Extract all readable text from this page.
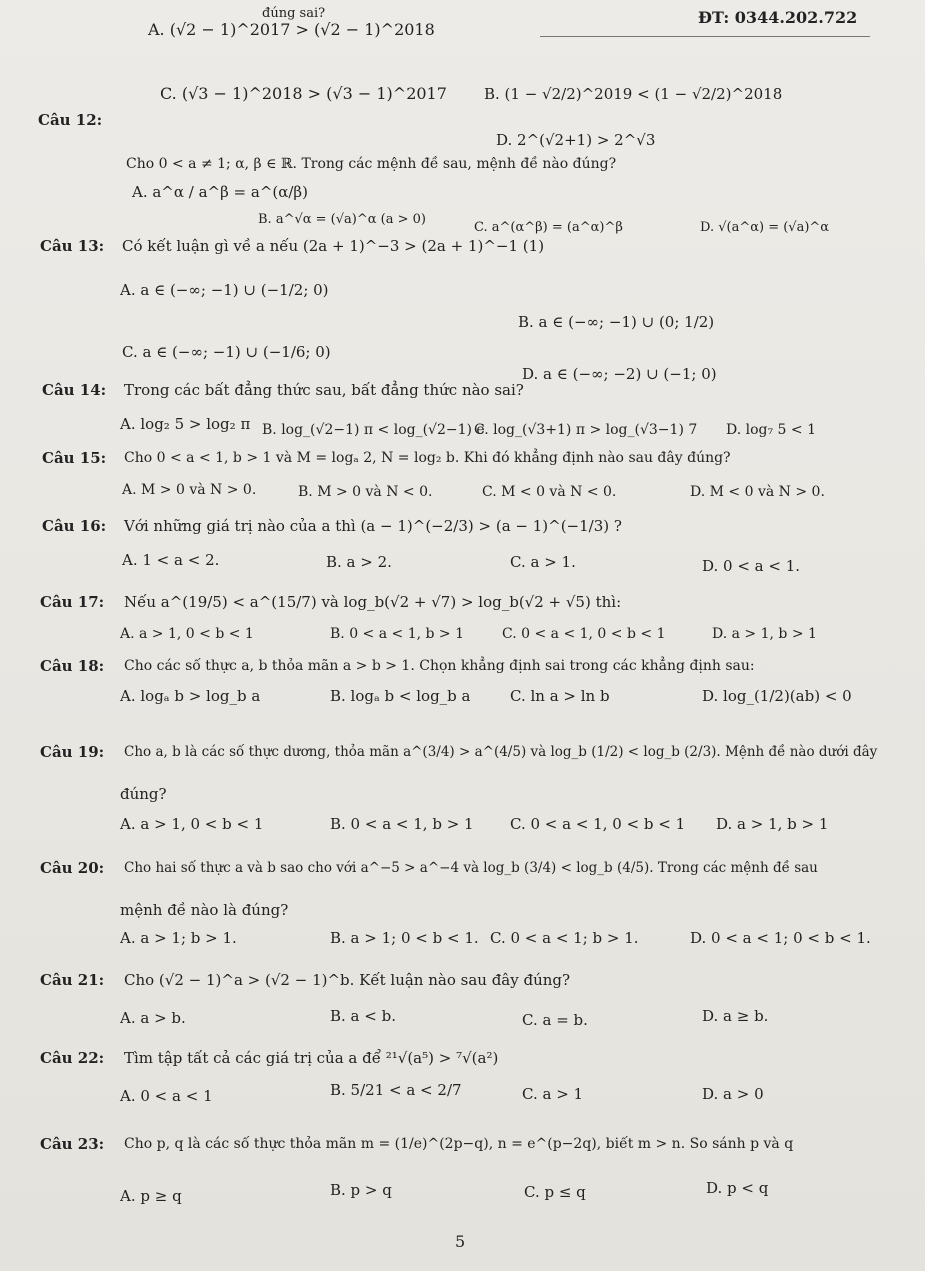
đúng sai?	ĐT: 0344.202.722
A. (√2 − 1)^2017 > (√2 − 1)^2018
C. (√3 − 1)^2018 > (√3 − 1)^2017 B. (1 − √2/2)^2019 < (1 − √2/2)^2018
D. 2^(√2+1) > 2^√3
Câu 12:
Cho 0 < a ≠ 1; α, β ∈ ℝ. Trong các mệnh đề sau, mệnh đề nào đúng?
A. a^α / a^β = a^(α/β)
B. a^√α = (√a)^α (a > 0)
C. a^(α^β) = (a^α)^β	D. √(a^α) = (√a)^α
Câu 13: Có kết luận gì về a nếu (2a + 1)^−3 > (2a + 1)^−1 (1)
A. a ∈ (−∞; −1) ∪ (−1/2; 0)
B. a ∈ (−∞; −1) ∪ (0; 1/2)
C. a ∈ (−∞; −1) ∪ (−1/6; 0)
D. a ∈ (−∞; −2) ∪ (−1; 0)
Câu 14: Trong các bất đẳng thức sau, bất đẳng thức nào sai?
A. log₂ 5 > log₂ π B. log_(√2−1) π < log_(√2−1) e
C. log_(√3+1) π > log_(√3−1) 7 D. log₇ 5 < 1
Câu 15: Cho 0 < a < 1, b > 1 và M = logₐ 2, N = log₂ b. Khi đó khẳng định nào sau đây đúng?
A. M > 0 và N > 0.	B. M > 0 và N < 0.	C. M < 0 và N < 0.	D. M < 0 và N > 0.
Câu 16: Với những giá trị nào của a thì (a − 1)^(−2/3) > (a − 1)^(−1/3) ?
A. 1 < a < 2.	B. a > 2.	C. a > 1.	D. 0 < a < 1.
Câu 17: Nếu a^(19/5) < a^(15/7) và log_b(√2 + √7) > log_b(√2 + √5) thì:
A. a > 1, 0 < b < 1	B. 0 < a < 1, b > 1	C. 0 < a < 1, 0 < b < 1	D. a > 1, b > 1
Câu 18: Cho các số thực a, b thỏa mãn a > b > 1. Chọn khẳng định sai trong các khẳng định sau:
A. logₐ b > log_b a	B. logₐ b < log_b a	C. ln a > ln b	D. log_(1/2)(ab) < 0
Câu 19: Cho a, b là các số thực dương, thỏa mãn a^(3/4) > a^(4/5) và log_b (1/2) < log_b (2/3). Mệnh đề nào dưới đây
đúng?
A. a > 1, 0 < b < 1	B. 0 < a < 1, b > 1 C. 0 < a < 1, 0 < b < 1 D. a > 1, b > 1
Câu 20: Cho hai số thực a và b sao cho với a^−5 > a^−4 và log_b (3/4) < log_b (4/5). Trong các mệnh đề sau
mệnh đề nào là đúng?
A. a > 1; b > 1.	B. a > 1; 0 < b < 1. C. 0 < a < 1; b > 1.	D. 0 < a < 1; 0 < b < 1.
Câu 21: Cho (√2 − 1)^a > (√2 − 1)^b. Kết luận nào sau đây đúng?
A. a > b.	B. a < b.	C. a = b.	D. a ≥ b.
Câu 22: Tìm tập tất cả các giá trị của a để ²¹√(a⁵) > ⁷√(a²)
A. 0 < a < 1	B. 5/21 < a < 2/7	C. a > 1	D. a > 0
Câu 23: Cho p, q là các số thực thỏa mãn m = (1/e)^(2p−q), n = e^(p−2q), biết m > n. So sánh p và q
A. p ≥ q	B. p > q	C. p ≤ q	D. p < q
5
